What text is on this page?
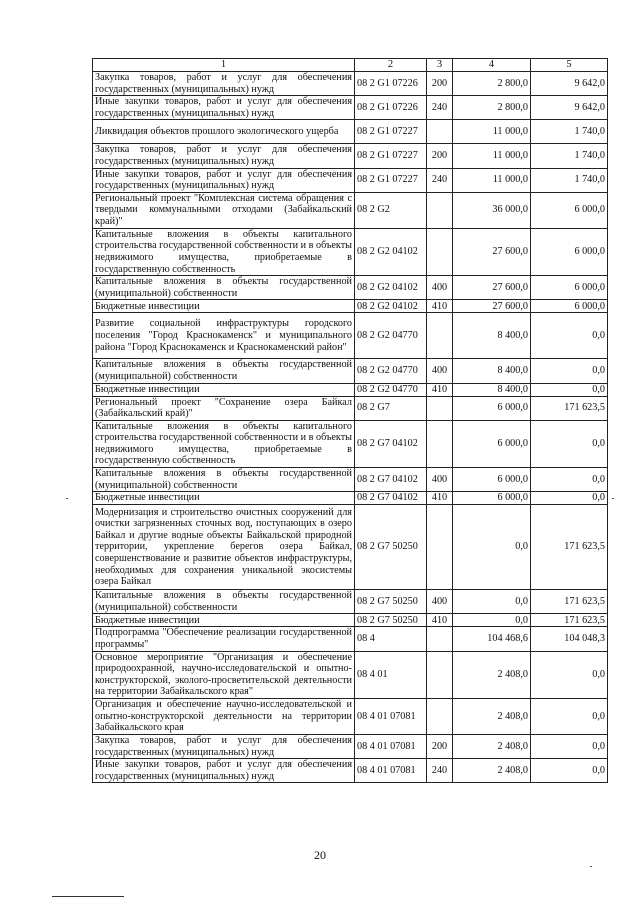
1	2	3	4	5
Закупка товаров, работ и услуг для обеспечения государственных (муниципальных) нужд	08 2 G1 07226	200	2 800,0	9 642,0
Иные закупки товаров, работ и услуг для обеспечения государственных (муниципальных) нужд	08 2 G1 07226	240	2 800,0	9 642,0
Ликвидация объектов прошлого экологического ущерба	08 2 G1 07227		11 000,0	1 740,0
Закупка товаров, работ и услуг для обеспечения государственных (муниципальных) нужд	08 2 G1 07227	200	11 000,0	1 740,0
Иные закупки товаров, работ и услуг для обеспечения государственных (муниципальных) нужд	08 2 G1 07227	240	11 000,0	1 740,0
Региональный проект "Комплексная система обращения с твердыми коммунальными отходами (Забайкальский край)"	08 2 G2		36 000,0	6 000,0
Капитальные вложения в объекты капитального строительства государственной собственности и в объекты недвижимого имущества, приобретаемые в государственную собственность	08 2 G2 04102		27 600,0	6 000,0
Капитальные вложения в объекты государственной (муниципальной) собственности	08 2 G2 04102	400	27 600,0	6 000,0
Бюджетные инвестиции	08 2 G2 04102	410	27 600,0	6 000,0
Развитие социальной инфраструктуры городского поселения "Город Краснокаменск" и муниципального района "Город Краснокаменск и Краснокаменский район"	08 2 G2 04770		8 400,0	0,0
Капитальные вложения в объекты государственной (муниципальной) собственности	08 2 G2 04770	400	8 400,0	0,0
Бюджетные инвестиции	08 2 G2 04770	410	8 400,0	0,0
Региональный проект "Сохранение озера Байкал (Забайкальский край)"	08 2 G7		6 000,0	171 623,5
Капитальные вложения в объекты капитального строительства государственной собственности и в объекты недвижимого имущества, приобретаемые в государственную собственность	08 2 G7 04102		6 000,0	0,0
Капитальные вложения в объекты государственной (муниципальной) собственности	08 2 G7 04102	400	6 000,0	0,0
Бюджетные инвестиции	08 2 G7 04102	410	6 000,0	0,0
Модернизация и строительство очистных сооружений для очистки загрязненных сточных вод, поступающих в озеро Байкал и другие водные объекты Байкальской природной территории, укрепление берегов озера Байкал, совершенствование и развитие объектов инфраструктуры, необходимых для сохранения уникальной экосистемы озера Байкал	08 2 G7 50250		0,0	171 623,5
Капитальные вложения в объекты государственной (муниципальной) собственности	08 2 G7 50250	400	0,0	171 623,5
Бюджетные инвестиции	08 2 G7 50250	410	0,0	171 623,5
Подпрограмма "Обеспечение реализации государственной программы"	08 4		104 468,6	104 048,3
Основное мероприятие "Организация и обеспечение природоохранной, научно-исследовательской и опытно-конструкторской, эколого-просветительской деятельности на территории Забайкальского края"	08 4 01		2 408,0	0,0
Организация и обеспечение научно-исследовательской и опытно-конструкторской деятельности на территории Забайкальского края	08 4 01 07081		2 408,0	0,0
Закупка товаров, работ и услуг для обеспечения государственных (муниципальных) нужд	08 4 01 07081	200	2 408,0	0,0
Иные закупки товаров, работ и услуг для обеспечения государственных (муниципальных) нужд	08 4 01 07081	240	2 408,0	0,0
20
